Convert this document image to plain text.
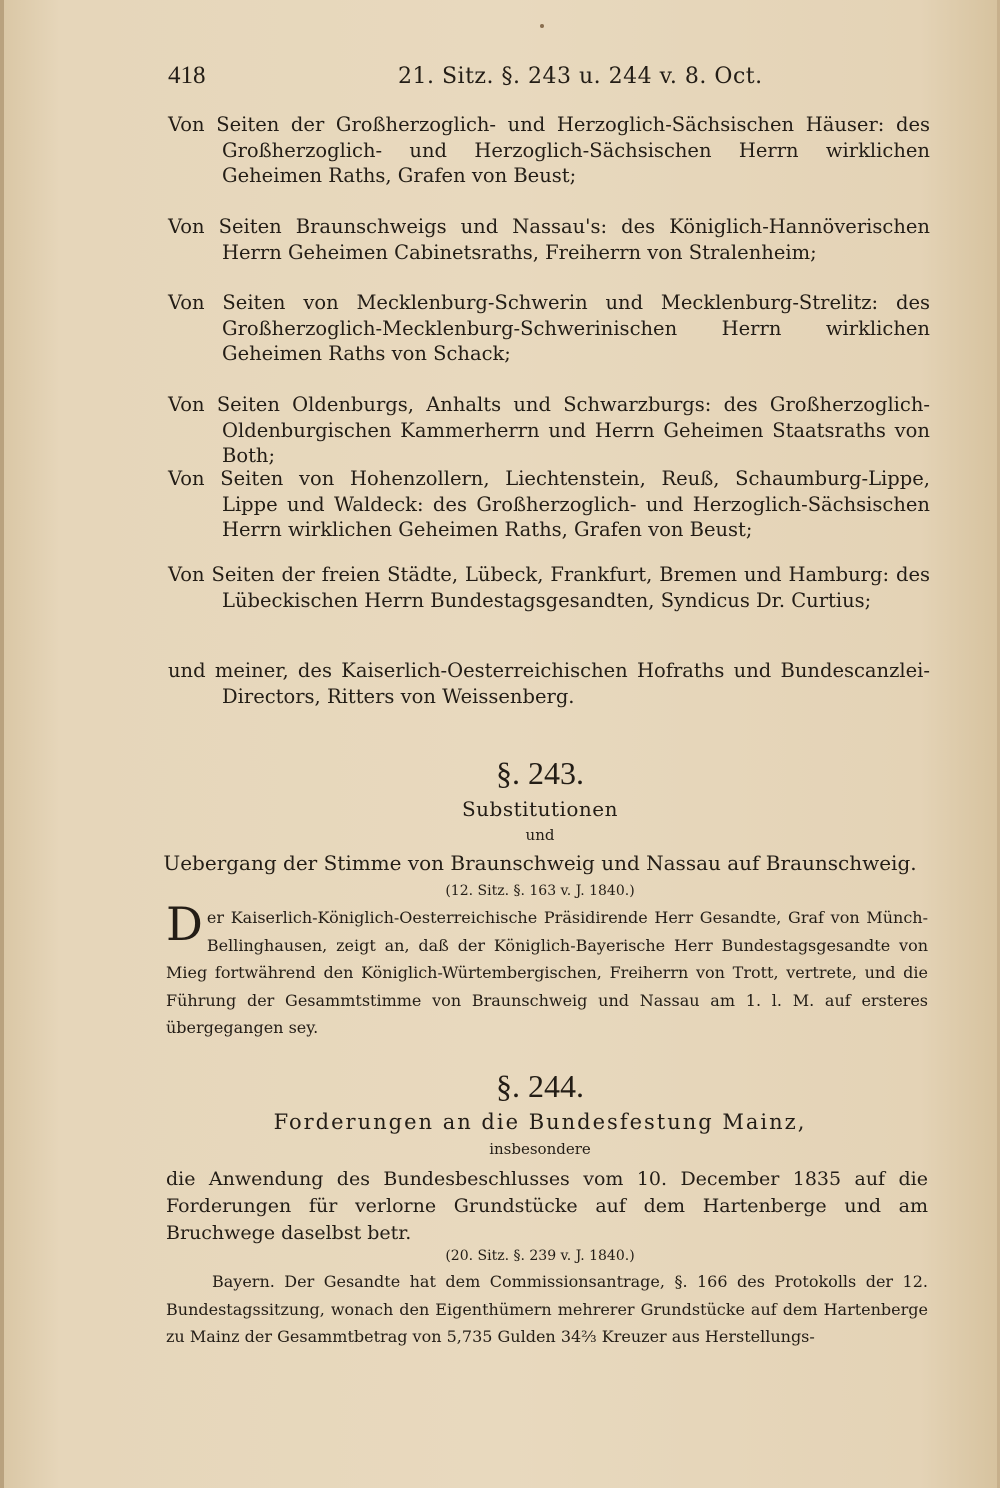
418	21. Sitz. §. 243 u. 244 v. 8. Oct.

Von Seiten der Großherzoglich- und Herzoglich-Sächsischen Häuser: des Großherzoglich- und Herzoglich-Sächsischen Herrn wirklichen Geheimen Raths, Grafen von Beust;

Von Seiten Braunschweigs und Nassau's: des Königlich-Hannöverischen Herrn Geheimen Cabinetsraths, Freiherrn von Stralenheim;

Von Seiten von Mecklenburg-Schwerin und Mecklenburg-Strelitz: des Großherzoglich-Mecklenburg-Schwerinischen Herrn wirklichen Geheimen Raths von Schack;

Von Seiten Oldenburgs, Anhalts und Schwarzburgs: des Großherzoglich-Oldenburgischen Kammerherrn und Herrn Geheimen Staatsraths von Both;

Von Seiten von Hohenzollern, Liechtenstein, Reuß, Schaumburg-Lippe, Lippe und Waldeck: des Großherzoglich- und Herzoglich-Sächsischen Herrn wirklichen Geheimen Raths, Grafen von Beust;

Von Seiten der freien Städte, Lübeck, Frankfurt, Bremen und Hamburg: des Lübeckischen Herrn Bundestagsgesandten, Syndicus Dr. Curtius;

und meiner, des Kaiserlich-Oesterreichischen Hofraths und Bundescanzlei-Directors, Ritters von Weissenberg.

§. 243.
Substitutionen
und
Uebergang der Stimme von Braunschweig und Nassau auf Braunschweig.
(12. Sitz. §. 163 v. J. 1840.)
D er Kaiserlich-Königlich-Oesterreichische Präsidirende Herr Gesandte, Graf von Münch-Bellinghausen, zeigt an, daß der Königlich-Bayerische Herr Bundestagsgesandte von Mieg fortwährend den Königlich-Würtembergischen, Freiherrn von Trott, vertrete, und die Führung der Gesammtstimme von Braunschweig und Nassau am 1. l. M. auf ersteres übergegangen sey.
§. 244.
Forderungen an die Bundesfestung Mainz,
insbesondere
die Anwendung des Bundesbeschlusses vom 10. December 1835 auf die Forderungen für verlorne Grundstücke auf dem Hartenberge und am Bruchwege daselbst betr.
(20. Sitz. §. 239 v. J. 1840.)
Bayern. Der Gesandte hat dem Commissionsantrage, §. 166 des Protokolls der 12. Bundestagssitzung, wonach den Eigenthümern mehrerer Grundstücke auf dem Hartenberge zu Mainz der Gesammtbetrag von 5,735 Gulden 34⅔ Kreuzer aus Herstellungs-
